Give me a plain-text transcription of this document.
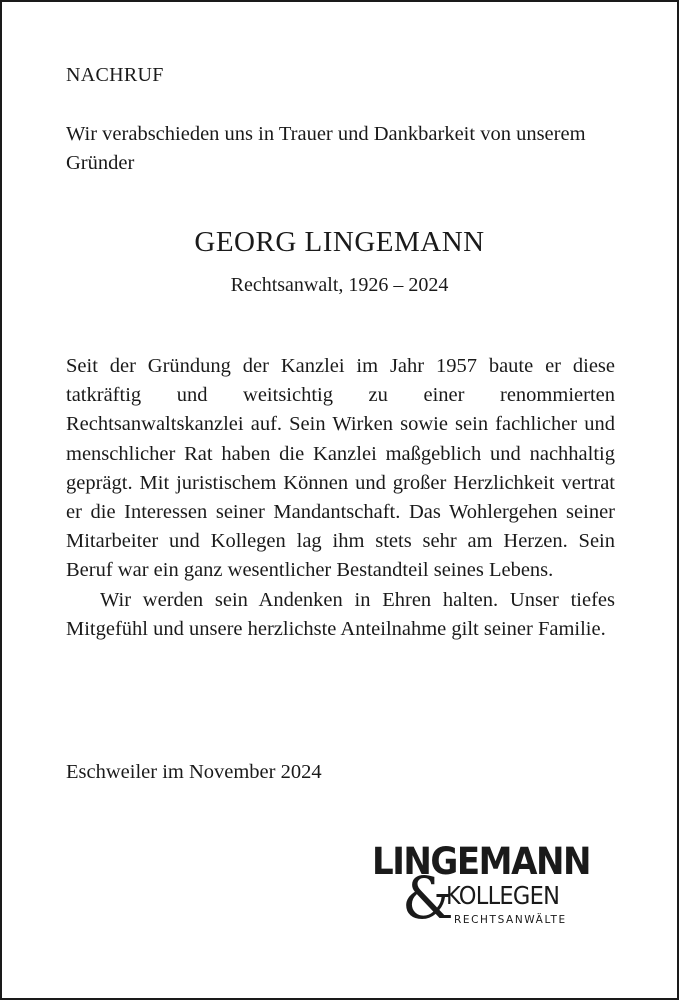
NACHRUF
Wir verabschieden uns in Trauer und Dankbarkeit von unserem Gründer
GEORG LINGEMANN
Rechtsanwalt, 1926 – 2024

Seit der Gründung der Kanzlei im Jahr 1957 baute er diese tatkräftig und weitsichtig zu einer renommierten Rechtsanwaltskanzlei auf. Sein Wirken sowie sein fachlicher und menschlicher Rat haben die Kanzlei maßgeblich und nachhaltig geprägt. Mit juristischem Können und großer Herzlichkeit vertrat er die Interessen seiner Mandantschaft. Das Wohlergehen seiner Mitarbeiter und Kollegen lag ihm stets sehr am Herzen. Sein Beruf war ein ganz wesentlicher Bestandteil seines Lebens.

Wir werden sein Andenken in Ehren halten. Unser tiefes Mitgefühl und unsere herzlichste Anteilnahme gilt seiner Familie.

Eschweiler im November 2024
LINGEMANN
&
KOLLEGEN
RECHTSANWÄLTE
